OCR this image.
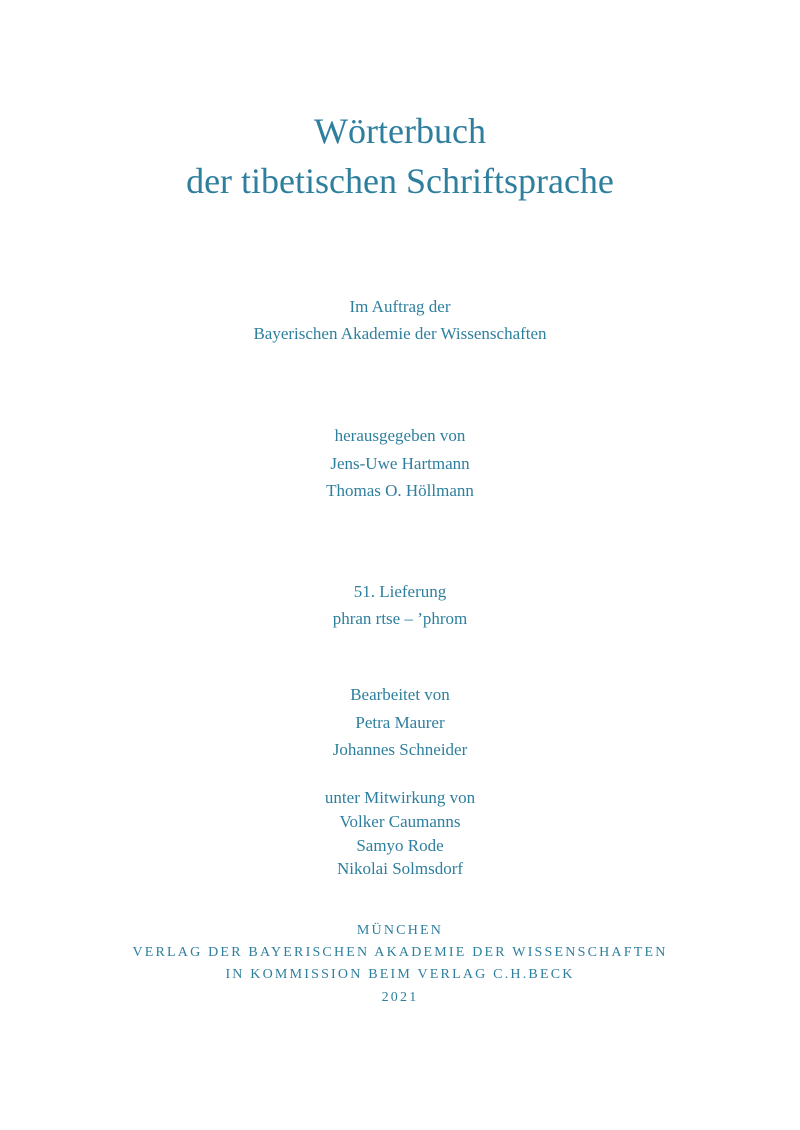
Wörterbuch
der tibetischen Schriftsprache
Im Auftrag der
Bayerischen Akademie der Wissenschaften
herausgegeben von
Jens-Uwe Hartmann
Thomas O. Höllmann
51. Lieferung
phran rtse – ’phrom
Bearbeitet von
Petra Maurer
Johannes Schneider
unter Mitwirkung von
Volker Caumanns
Samyo Rode
Nikolai Solmsdorf
MÜNCHEN
VERLAG DER BAYERISCHEN AKADEMIE DER WISSENSCHAFTEN
IN KOMMISSION BEIM VERLAG C.H.BECK
2021
